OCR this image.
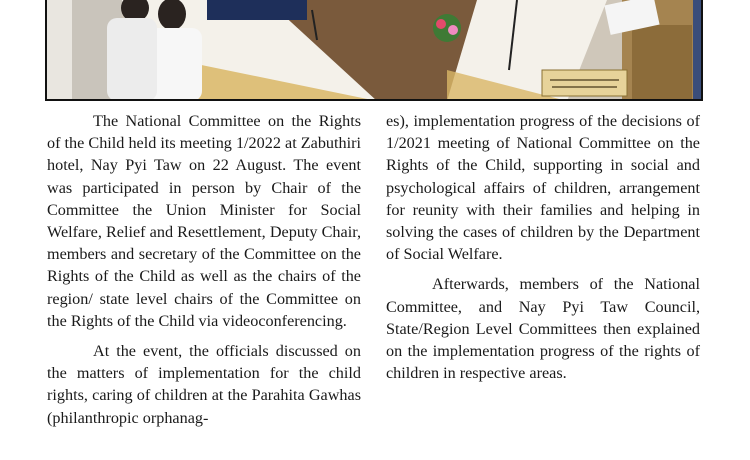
The National Committee on the Rights of the Child held its meeting 1/2022 at Zabuthiri hotel, Nay Pyi Taw on 22 August. The event was participated in person by Chair of the Committee the Union Minister for Social Welfare, Relief and Resettlement, Deputy Chair, members and secretary of the Committee on the Rights of the Child as well as the chairs of the region/ state level chairs of the Committee on the Rights of the Child via videoconferencing.

At the event, the officials discussed on the matters of implementation for the child rights, caring of children at the Parahita Gawhas (philanthropic orphanag-

es), implementation progress of the decisions of 1/2021 meeting of National Committee on the Rights of the Child, supporting in social and psychological affairs of children, arrangement for reunity with their families and helping in solving the cases of children by the Department of Social Welfare.

Afterwards, members of the National Committee, and Nay Pyi Taw Council, State/Region Level Committees then explained on the implementation progress of the rights of children in respective areas.
